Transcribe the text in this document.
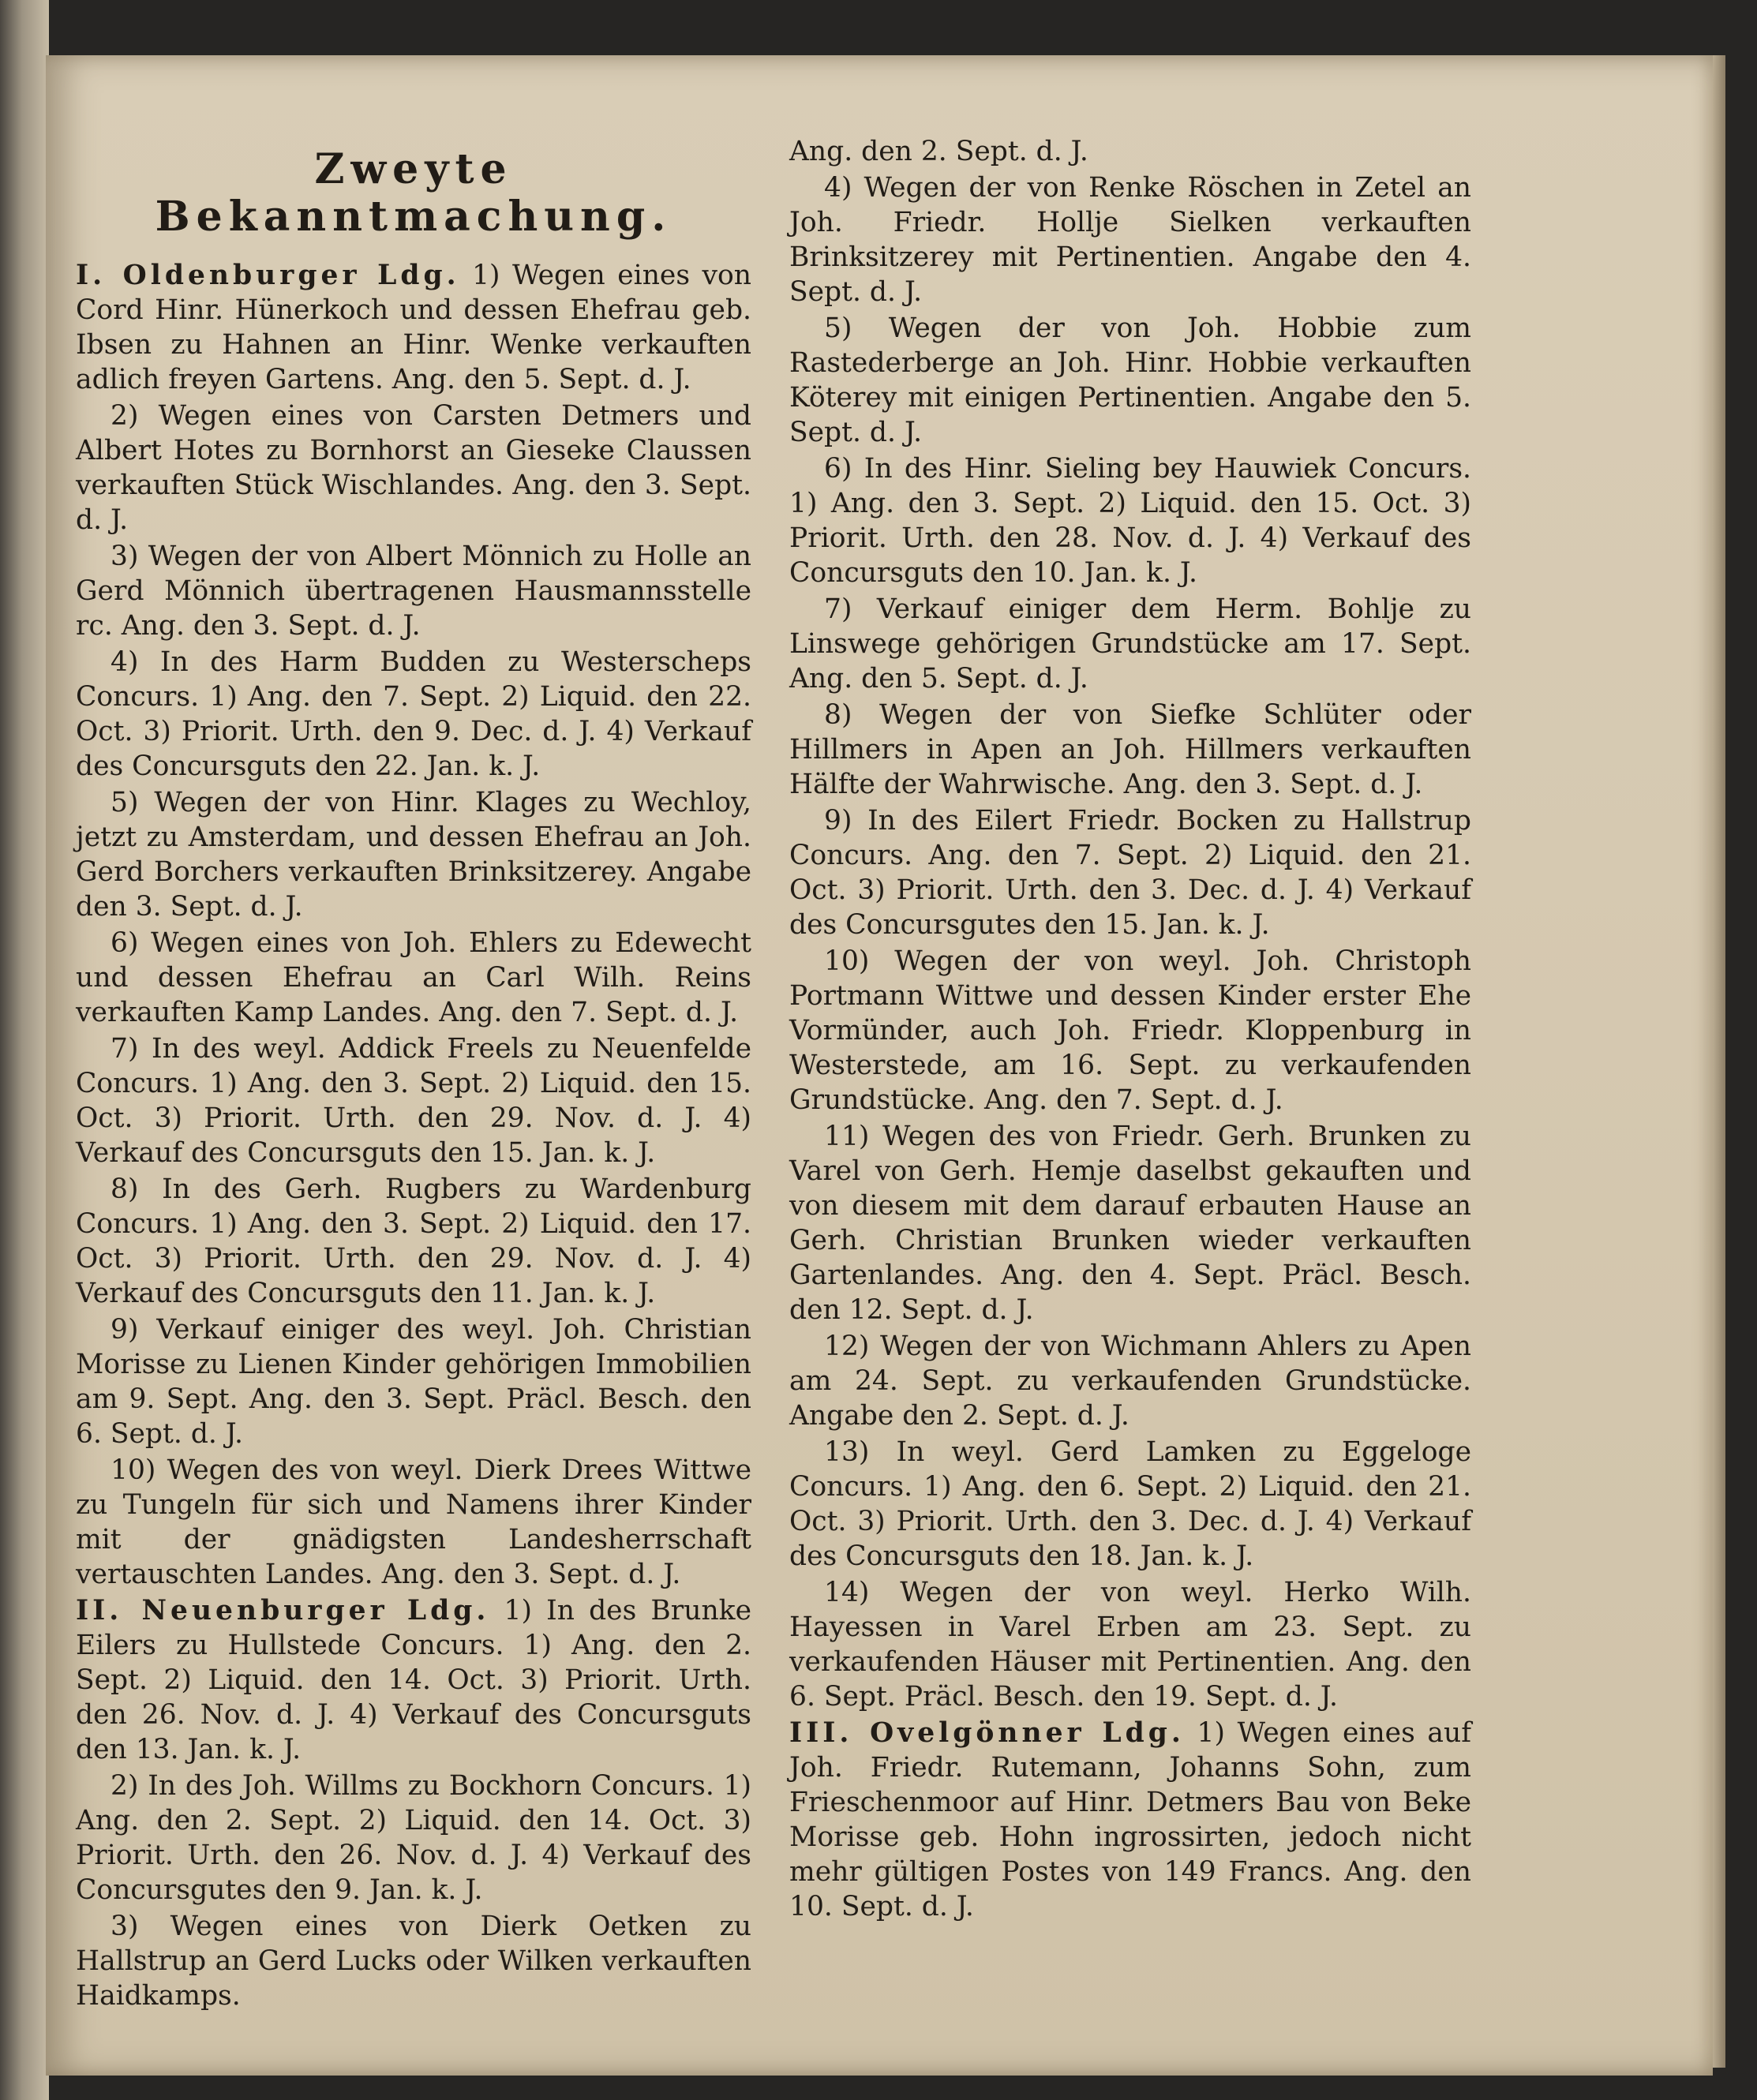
Zweyte Bekanntmachung.
I. Oldenburger Ldg. 1) Wegen eines von Cord Hinr. Hünerkoch und dessen Ehefrau geb. Ibsen zu Hahnen an Hinr. Wenke verkauften adlich freyen Gartens. Ang. den 5. Sept. d. J.
2) Wegen eines von Carsten Detmers und Albert Hotes zu Bornhorst an Gieseke Claussen verkauften Stück Wischlandes. Ang. den 3. Sept. d. J.
3) Wegen der von Albert Mönnich zu Holle an Gerd Mönnich übertragenen Hausmannsstelle rc. Ang. den 3. Sept. d. J.
4) In des Harm Budden zu Westerscheps Concurs. 1) Ang. den 7. Sept. 2) Liquid. den 22. Oct. 3) Priorit. Urth. den 9. Dec. d. J. 4) Verkauf des Concursguts den 22. Jan. k. J.
5) Wegen der von Hinr. Klages zu Wechloy, jetzt zu Amsterdam, und dessen Ehefrau an Joh. Gerd Borchers verkauften Brinksitzerey. Angabe den 3. Sept. d. J.
6) Wegen eines von Joh. Ehlers zu Edewecht und dessen Ehefrau an Carl Wilh. Reins verkauften Kamp Landes. Ang. den 7. Sept. d. J.
7) In des weyl. Addick Freels zu Neuenfelde Concurs. 1) Ang. den 3. Sept. 2) Liquid. den 15. Oct. 3) Priorit. Urth. den 29. Nov. d. J. 4) Verkauf des Concursguts den 15. Jan. k. J.
8) In des Gerh. Rugbers zu Wardenburg Concurs. 1) Ang. den 3. Sept. 2) Liquid. den 17. Oct. 3) Priorit. Urth. den 29. Nov. d. J. 4) Verkauf des Concursguts den 11. Jan. k. J.
9) Verkauf einiger des weyl. Joh. Christian Morisse zu Lienen Kinder gehörigen Immobilien am 9. Sept. Ang. den 3. Sept. Präcl. Besch. den 6. Sept. d. J.
10) Wegen des von weyl. Dierk Drees Wittwe zu Tungeln für sich und Namens ihrer Kinder mit der gnädigsten Landesherrschaft vertauschten Landes. Ang. den 3. Sept. d. J.
II. Neuenburger Ldg. 1) In des Brunke Eilers zu Hullstede Concurs. 1) Ang. den 2. Sept. 2) Liquid. den 14. Oct. 3) Priorit. Urth. den 26. Nov. d. J. 4) Verkauf des Concursguts den 13. Jan. k. J.
2) In des Joh. Willms zu Bockhorn Concurs. 1) Ang. den 2. Sept. 2) Liquid. den 14. Oct. 3) Priorit. Urth. den 26. Nov. d. J. 4) Verkauf des Concursgutes den 9. Jan. k. J.
3) Wegen eines von Dierk Oetken zu Hallstrup an Gerd Lucks oder Wilken verkauften Haidkamps.
Ang. den 2. Sept. d. J.
4) Wegen der von Renke Röschen in Zetel an Joh. Friedr. Hollje Sielken verkauften Brinksitzerey mit Pertinentien. Angabe den 4. Sept. d. J.
5) Wegen der von Joh. Hobbie zum Rastederberge an Joh. Hinr. Hobbie verkauften Köterey mit einigen Pertinentien. Angabe den 5. Sept. d. J.
6) In des Hinr. Sieling bey Hauwiek Concurs. 1) Ang. den 3. Sept. 2) Liquid. den 15. Oct. 3) Priorit. Urth. den 28. Nov. d. J. 4) Verkauf des Concursguts den 10. Jan. k. J.
7) Verkauf einiger dem Herm. Bohlje zu Linswege gehörigen Grundstücke am 17. Sept. Ang. den 5. Sept. d. J.
8) Wegen der von Siefke Schlüter oder Hillmers in Apen an Joh. Hillmers verkauften Hälfte der Wahrwische. Ang. den 3. Sept. d. J.
9) In des Eilert Friedr. Bocken zu Hallstrup Concurs. Ang. den 7. Sept. 2) Liquid. den 21. Oct. 3) Priorit. Urth. den 3. Dec. d. J. 4) Verkauf des Concursgutes den 15. Jan. k. J.
10) Wegen der von weyl. Joh. Christoph Portmann Wittwe und dessen Kinder erster Ehe Vormünder, auch Joh. Friedr. Kloppenburg in Westerstede, am 16. Sept. zu verkaufenden Grundstücke. Ang. den 7. Sept. d. J.
11) Wegen des von Friedr. Gerh. Brunken zu Varel von Gerh. Hemje daselbst gekauften und von diesem mit dem darauf erbauten Hause an Gerh. Christian Brunken wieder verkauften Gartenlandes. Ang. den 4. Sept. Präcl. Besch. den 12. Sept. d. J.
12) Wegen der von Wichmann Ahlers zu Apen am 24. Sept. zu verkaufenden Grundstücke. Angabe den 2. Sept. d. J.
13) In weyl. Gerd Lamken zu Eggeloge Concurs. 1) Ang. den 6. Sept. 2) Liquid. den 21. Oct. 3) Priorit. Urth. den 3. Dec. d. J. 4) Verkauf des Concursguts den 18. Jan. k. J.
14) Wegen der von weyl. Herko Wilh. Hayessen in Varel Erben am 23. Sept. zu verkaufenden Häuser mit Pertinentien. Ang. den 6. Sept. Präcl. Besch. den 19. Sept. d. J.
III. Ovelgönner Ldg. 1) Wegen eines auf Joh. Friedr. Rutemann, Johanns Sohn, zum Frieschenmoor auf Hinr. Detmers Bau von Beke Morisse geb. Hohn ingrossirten, jedoch nicht mehr gültigen Postes von 149 Francs. Ang. den 10. Sept. d. J.
